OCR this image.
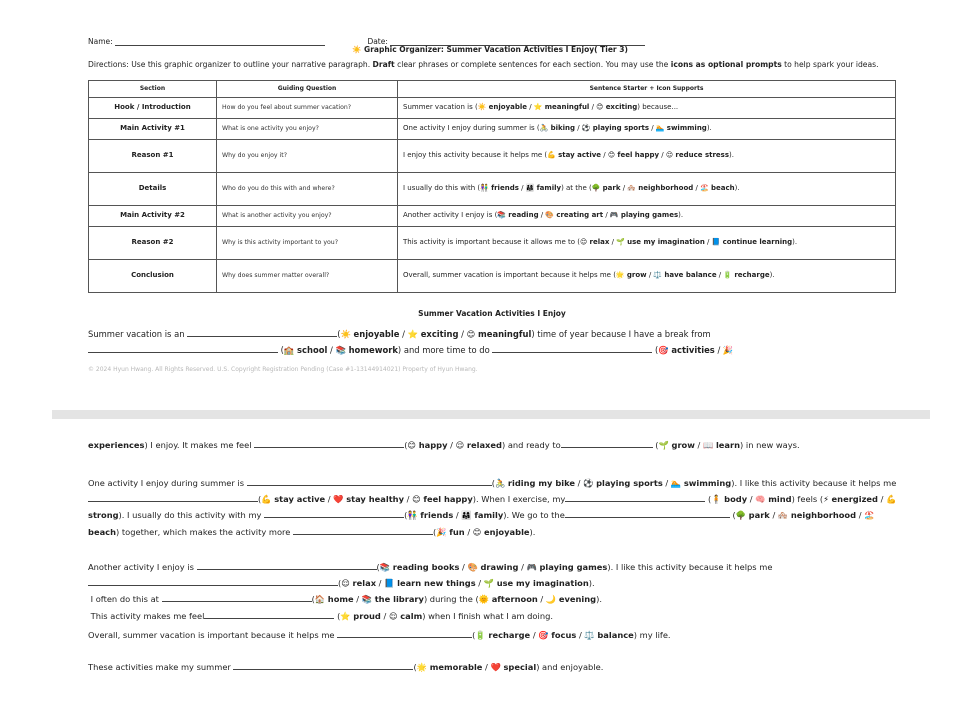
Name:	Date:
☀️ Graphic Organizer: Summer Vacation Activities I Enjoy( Tier 3)
Directions: Use this graphic organizer to outline your narrative paragraph. Draft clear phrases or complete sentences for each section. You may use the icons as optional prompts to help spark your ideas.
Section	Guiding Question	Sentence Starter + Icon Supports
Hook / Introduction	How do you feel about summer vacation?	Summer vacation is (☀️ enjoyable / ⭐ meaningful / 😊 exciting) because...
Main Activity #1	What is one activity you enjoy?	One activity I enjoy during summer is (🚴 biking / ⚽ playing sports / 🏊 swimming).
Reason #1	Why do you enjoy it?	I enjoy this activity because it helps me (💪 stay active / 😊 feel happy / 😌 reduce stress).
Details	Who do you do this with and where?	I usually do this with (👫 friends / 👨‍👩‍👧 family) at the (🌳 park / 🏘️ neighborhood / 🏖️ beach).
Main Activity #2	What is another activity you enjoy?	Another activity I enjoy is (📚 reading / 🎨 creating art / 🎮 playing games).
Reason #2	Why is this activity important to you?	This activity is important because it allows me to (😌 relax / 🌱 use my imagination / 📘 continue learning).
Conclusion	Why does summer matter overall?	Overall, summer vacation is important because it helps me (🌟 grow / ⚖️ have balance / 🔋 recharge).
Summer Vacation Activities I Enjoy
Summer vacation is an	(☀️ enjoyable / ⭐ exciting / 😊 meaningful) time of year because I have a break from  (🏫 school / 📚 homework) and more time to do	(🎯 activities / 🎉
© 2024 Hyun Hwang. All Rights Reserved. U.S. Copyright Registration Pending (Case #1-13144914021) Property of Hyun Hwang.
experiences) I enjoy. It makes me feel	(😊 happy / 😌 relaxed) and ready to	(🌱 grow / 📖 learn) in new ways.
One activity I enjoy during summer is	(🚴 riding my bike / ⚽ playing sports / 🏊 swimming). I like this activity because it helps me (💪 stay active / ❤️ stay healthy / 😊 feel happy). When I exercise, my	(🧍 body / 🧠 mind) feels (⚡ energized / 💪 strong). I usually do this activity with my	(👫 friends / 👨‍👩‍👧 family). We go to the	(🌳 park / 🏘️ neighborhood / 🏖️ beach) together, which makes the activity more	(🎉 fun / 😊 enjoyable).
Another activity I enjoy is	(📚 reading books / 🎨 drawing / 🎮 playing games). I like this activity because it helps me (😌 relax / 📘 learn new things / 🌱 use my imagination).
I often do this at	(🏠 home / 📚 the library) during the (🌞 afternoon / 🌙 evening).
This activity makes me feel	(⭐ proud / 😌 calm) when I finish what I am doing.
Overall, summer vacation is important because it helps me	(🔋 recharge / 🎯 focus / ⚖️ balance) my life.
These activities make my summer	(🌟 memorable / ❤️ special) and enjoyable.
